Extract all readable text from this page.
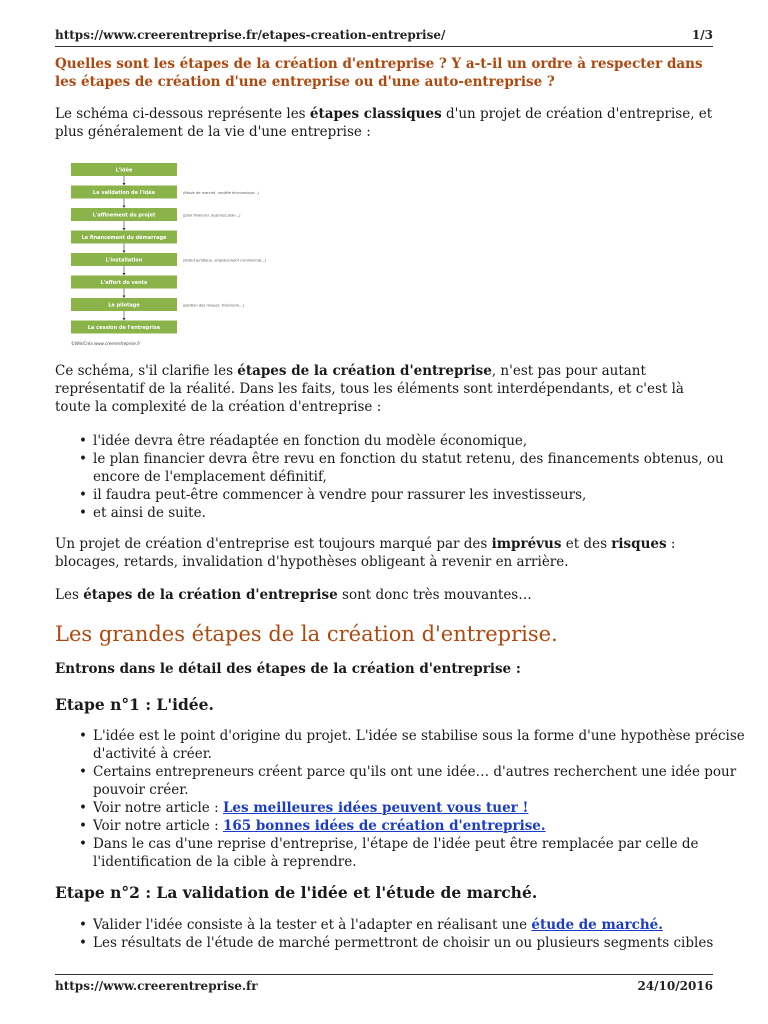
https://www.creerentreprise.fr/etapes-creation-entreprise/	1/3
Quelles sont les étapes de la création d'entreprise ? Y a-t-il un ordre à respecter dans les étapes de création d'une entreprise ou d'une auto-entreprise ?

Le schéma ci-dessous représente les étapes classiques d'un projet de création d'entreprise, et plus généralement de la vie d'une entreprise :

L'idée
La validation de l'idée	(étude de marché, modèle économique…)
L'affinement du projet	(plan financier, business plan…)
Le financement du démarrage
L'installation	(statut juridique, emplacement commercial…)
L'effort de vente
Le pilotage	(gestion des risques, trésorerie…)
La cession de l'entreprise
©WikiCréa www.creerentreprise.fr

Ce schéma, s'il clarifie les étapes de la création d'entreprise, n'est pas pour autant représentatif de la réalité. Dans les faits, tous les éléments sont interdépendants, et c'est là toute la complexité de la création d'entreprise :

• l'idée devra être réadaptée en fonction du modèle économique,
• le plan financier devra être revu en fonction du statut retenu, des financements obtenus, ou encore de l'emplacement définitif,
• il faudra peut-être commencer à vendre pour rassurer les investisseurs,
• et ainsi de suite.

Un projet de création d'entreprise est toujours marqué par des imprévus et des risques : blocages, retards, invalidation d'hypothèses obligeant à revenir en arrière.

Les étapes de la création d'entreprise sont donc très mouvantes…

Les grandes étapes de la création d'entreprise.

Entrons dans le détail des étapes de la création d'entreprise :

Etape n°1 : L'idée.
• L'idée est le point d'origine du projet. L'idée se stabilise sous la forme d'une hypothèse précise d'activité à créer.
• Certains entrepreneurs créent parce qu'ils ont une idée… d'autres recherchent une idée pour pouvoir créer.
• Voir notre article : Les meilleures idées peuvent vous tuer !
• Voir notre article : 165 bonnes idées de création d'entreprise.
• Dans le cas d'une reprise d'entreprise, l'étape de l'idée peut être remplacée par celle de l'identification de la cible à reprendre.
Etape n°2 : La validation de l'idée et l'étude de marché.
• Valider l'idée consiste à la tester et à l'adapter en réalisant une étude de marché.
• Les résultats de l'étude de marché permettront de choisir un ou plusieurs segments cibles
https://www.creerentreprise.fr	24/10/2016
